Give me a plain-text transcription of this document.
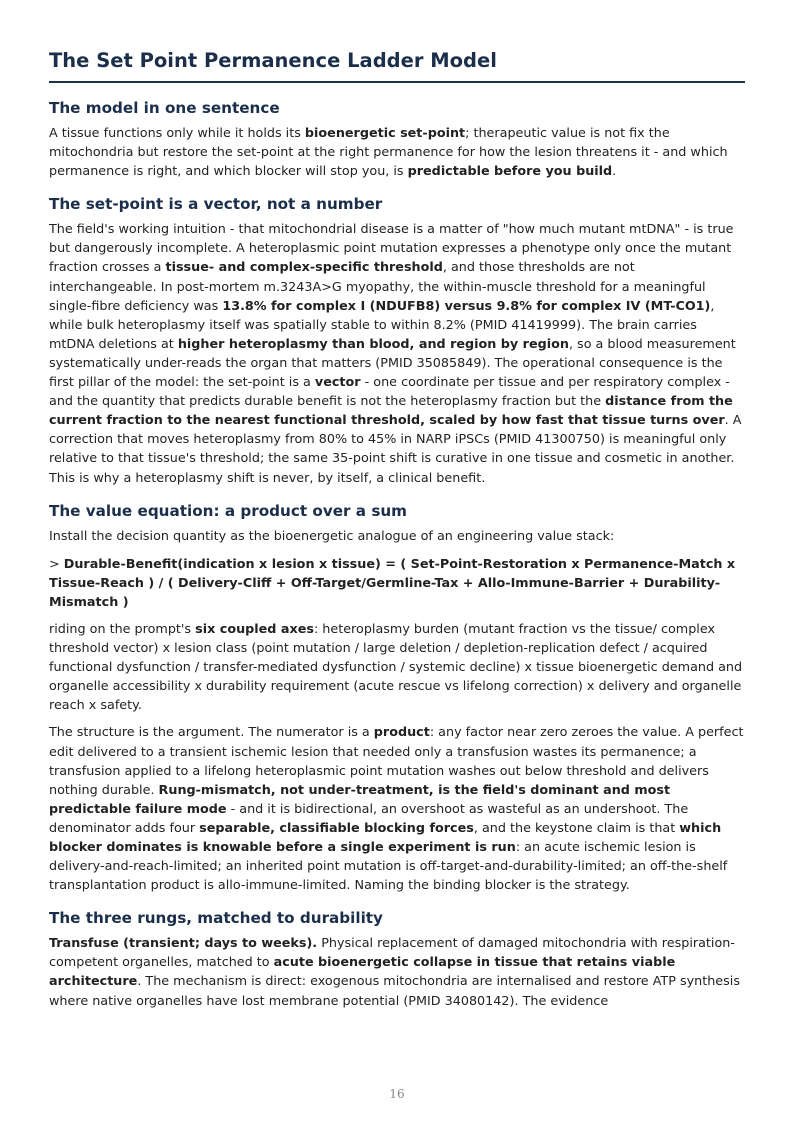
The Set Point Permanence Ladder Model
The model in one sentence

A tissue functions only while it holds its bioenergetic set-point; therapeutic value is not fix the mitochondria but restore the set-point at the right permanence for how the lesion threatens it - and which permanence is right, and which blocker will stop you, is predictable before you build.

The set-point is a vector, not a number

The field's working intuition - that mitochondrial disease is a matter of "how much mutant mtDNA" - is true but dangerously incomplete. A heteroplasmic point mutation expresses a phenotype only once the mutant fraction crosses a tissue- and complex-specific threshold, and those thresholds are not interchangeable. In post-mortem m.3243A>G myopathy, the within-muscle threshold for a meaningful single-fibre deficiency was 13.8% for complex I (NDUFB8) versus 9.8% for complex IV (MT-CO1), while bulk heteroplasmy itself was spatially stable to within 8.2% (PMID 41419999). The brain carries mtDNA deletions at higher heteroplasmy than blood, and region by region, so a blood measurement systematically under-reads the organ that matters (PMID 35085849). The operational consequence is the first pillar of the model: the set-point is a vector - one coordinate per tissue and per respiratory complex - and the quantity that predicts durable benefit is not the heteroplasmy fraction but the distance from the current fraction to the nearest functional threshold, scaled by how fast that tissue turns over. A correction that moves heteroplasmy from 80% to 45% in NARP iPSCs (PMID 41300750) is meaningful only relative to that tissue's threshold; the same 35-point shift is curative in one tissue and cosmetic in another. This is why a heteroplasmy shift is never, by itself, a clinical benefit.

The value equation: a product over a sum

Install the decision quantity as the bioenergetic analogue of an engineering value stack:

> Durable-Benefit(indication x lesion x tissue) = ( Set-Point-Restoration x Permanence-Match x Tissue-Reach ) / ( Delivery-Cliff + Off-Target/Germline-Tax + Allo-Immune-Barrier + Durability-Mismatch )

riding on the prompt's six coupled axes: heteroplasmy burden (mutant fraction vs the tissue/ complex threshold vector) x lesion class (point mutation / large deletion / depletion-replication defect / acquired functional dysfunction / transfer-mediated dysfunction / systemic decline) x tissue bioenergetic demand and organelle accessibility x durability requirement (acute rescue vs lifelong correction) x delivery and organelle reach x safety.

The structure is the argument. The numerator is a product: any factor near zero zeroes the value. A perfect edit delivered to a transient ischemic lesion that needed only a transfusion wastes its permanence; a transfusion applied to a lifelong heteroplasmic point mutation washes out below threshold and delivers nothing durable. Rung-mismatch, not under-treatment, is the field's dominant and most predictable failure mode - and it is bidirectional, an overshoot as wasteful as an undershoot. The denominator adds four separable, classifiable blocking forces, and the keystone claim is that which blocker dominates is knowable before a single experiment is run: an acute ischemic lesion is delivery-and-reach-limited; an inherited point mutation is off-target-and-durability-limited; an off-the-shelf transplantation product is allo-immune-limited. Naming the binding blocker is the strategy.

The three rungs, matched to durability

Transfuse (transient; days to weeks). Physical replacement of damaged mitochondria with respiration-competent organelles, matched to acute bioenergetic collapse in tissue that retains viable architecture. The mechanism is direct: exogenous mitochondria are internalised and restore ATP synthesis where native organelles have lost membrane potential (PMID 34080142). The evidence

16
